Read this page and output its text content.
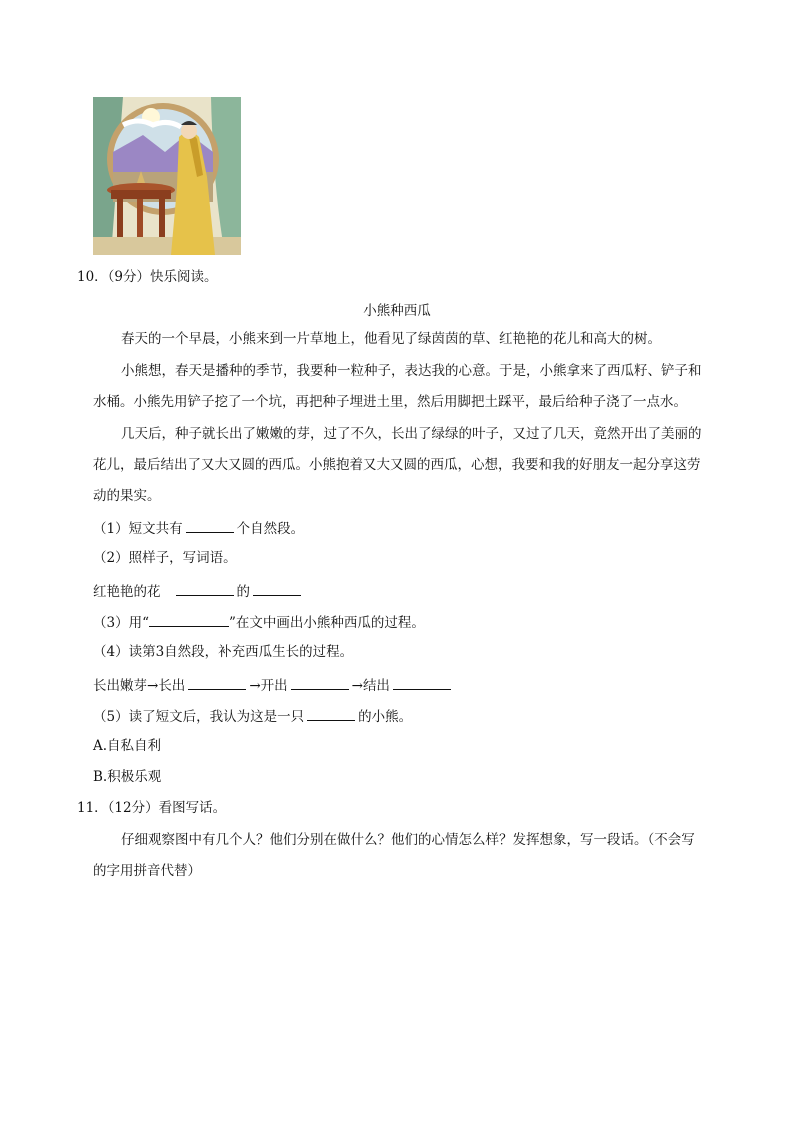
10．（9分）快乐阅读。
小熊种西瓜
春天的一个早晨，小熊来到一片草地上，他看见了绿茵茵的草、红艳艳的花儿和高大的树。
小熊想，春天是播种的季节，我要种一粒种子，表达我的心意。于是，小熊拿来了西瓜籽、铲子和
水桶。小熊先用铲子挖了一个坑，再把种子埋进土里，然后用脚把土踩平，最后给种子浇了一点水。
几天后，种子就长出了嫩嫩的芽，过了不久，长出了绿绿的叶子，又过了几天，竟然开出了美丽的
花儿，最后结出了又大又圆的西瓜。小熊抱着又大又圆的西瓜，心想，我要和我的好朋友一起分享这劳
动的果实。
（1）短文共有	个自然段。
（2）照样子，写词语。
红艳艳的花	的
（3）用“	”在文中画出小熊种西瓜的过程。
（4）读第3自然段，补充西瓜生长的过程。
长出嫩芽→长出	→开出	→结出
（5）读了短文后，我认为这是一只	的小熊。
A.自私自利
B.积极乐观
11．（12分）看图写话。
仔细观察图中有几个人？他们分别在做什么？他们的心情怎么样？发挥想象，写一段话。（不会写
的字用拼音代替）
